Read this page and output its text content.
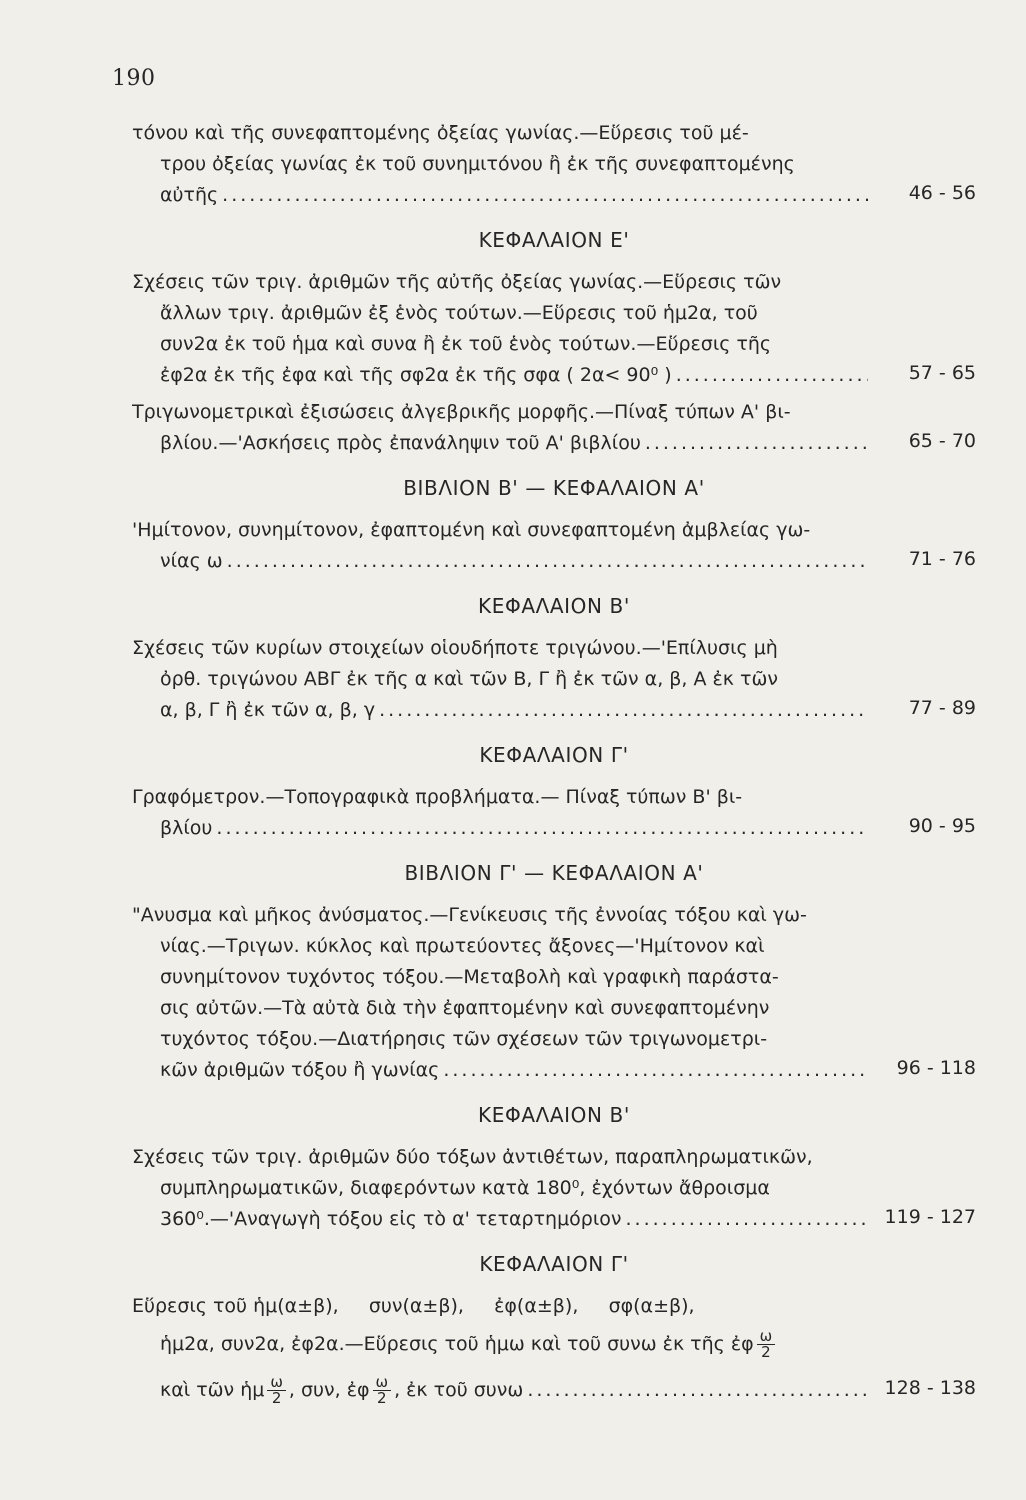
190
τόνου καὶ τῆς συνεφαπτομένης ὀξείας γωνίας.—Εὕρεσις τοῦ μέ-
τρου ὀξείας γωνίας ἐκ τοῦ συνημιτόνου ἢ ἐκ τῆς συνεφαπτομένης
αὐτῆς .....	46 - 56
ΚΕΦΑΛΑΙΟΝ Ε'
Σχέσεις τῶν τριγ. ἀριθμῶν τῆς αὐτῆς ὀξείας γωνίας.—Εὕρεσις τῶν
ἄλλων τριγ. ἀριθμῶν ἐξ ἑνὸς τούτων.—Εὕρεσις τοῦ ἡμ2α, τοῦ
συν2α ἐκ τοῦ ἡμα καὶ συνα ἢ ἐκ τοῦ ἑνὸς τούτων.—Εὕρεσις τῆς
ἐφ2α ἐκ τῆς ἐφα καὶ τῆς σφ2α ἐκ τῆς σφα ( 2α< 90⁰ ) .....	57 - 65
Τριγωνομετρικαὶ ἐξισώσεις ἀλγεβρικῆς μορφῆς.—Πίναξ τύπων Α' βι-
βλίου.—'Ασκήσεις πρὸς ἐπανάληψιν τοῦ Α' βιβλίου .....	65 - 70
ΒΙΒΛΙΟΝ Β' — ΚΕΦΑΛΑΙΟΝ Α'
'Ημίτονον, συνημίτονον, ἐφαπτομένη καὶ συνεφαπτομένη ἀμβλείας γω-
νίας ω .....	71 - 76
ΚΕΦΑΛΑΙΟΝ Β'
Σχέσεις τῶν κυρίων στοιχείων οἱουδήποτε τριγώνου.—'Επίλυσις μὴ
ὀρθ. τριγώνου ΑΒΓ ἐκ τῆς α καὶ τῶν Β, Γ ἢ ἐκ τῶν α, β, Α ἐκ τῶν
α, β, Γ ἢ ἐκ τῶν α, β, γ .....	77 - 89
ΚΕΦΑΛΑΙΟΝ Γ'
Γραφόμετρον.—Τοπογραφικὰ προβλήματα.— Πίναξ τύπων Β' βι-
βλίου .....	90 - 95
ΒΙΒΛΙΟΝ Γ' — ΚΕΦΑΛΑΙΟΝ Α'
"Ανυσμα καὶ μῆκος ἀνύσματος.—Γενίκευσις τῆς ἐννοίας τόξου καὶ γω-
νίας.—Τριγων. κύκλος καὶ πρωτεύοντες ἄξονες—'Ημίτονον καὶ
συνημίτονον τυχόντος τόξου.—Μεταβολὴ καὶ γραφικὴ παράστα-
σις αὐτῶν.—Τὰ αὐτὰ διὰ τὴν ἐφαπτομένην καὶ συνεφαπτομένην
τυχόντος τόξου.—Διατήρησις τῶν σχέσεων τῶν τριγωνομετρι-
κῶν ἀριθμῶν τόξου ἢ γωνίας .....	96 - 118
ΚΕΦΑΛΑΙΟΝ Β'
Σχέσεις τῶν τριγ. ἀριθμῶν δύο τόξων ἀντιθέτων, παραπληρωματικῶν,
συμπληρωματικῶν, διαφερόντων κατὰ 180⁰, ἐχόντων ἄθροισμα
360⁰.—'Αναγωγὴ τόξου εἰς τὸ α' τεταρτημόριον .....	119 - 127
ΚΕΦΑΛΑΙΟΝ Γ'
Εὕρεσις τοῦ ἡμ(α±β),     συν(α±β),     ἐφ(α±β),     σφ(α±β),
ἡμ2α, συν2α, ἐφ2α.—Εὕρεσις τοῦ ἡμω καὶ τοῦ συνω ἐκ τῆς ἐφ $\frac{\omega}{2}$
καὶ τῶν ἡμ $\frac{\omega}{2}$ , συν, ἐφ $\frac{\omega}{2}$ , ἐκ τοῦ συνω .....	128 - 138
